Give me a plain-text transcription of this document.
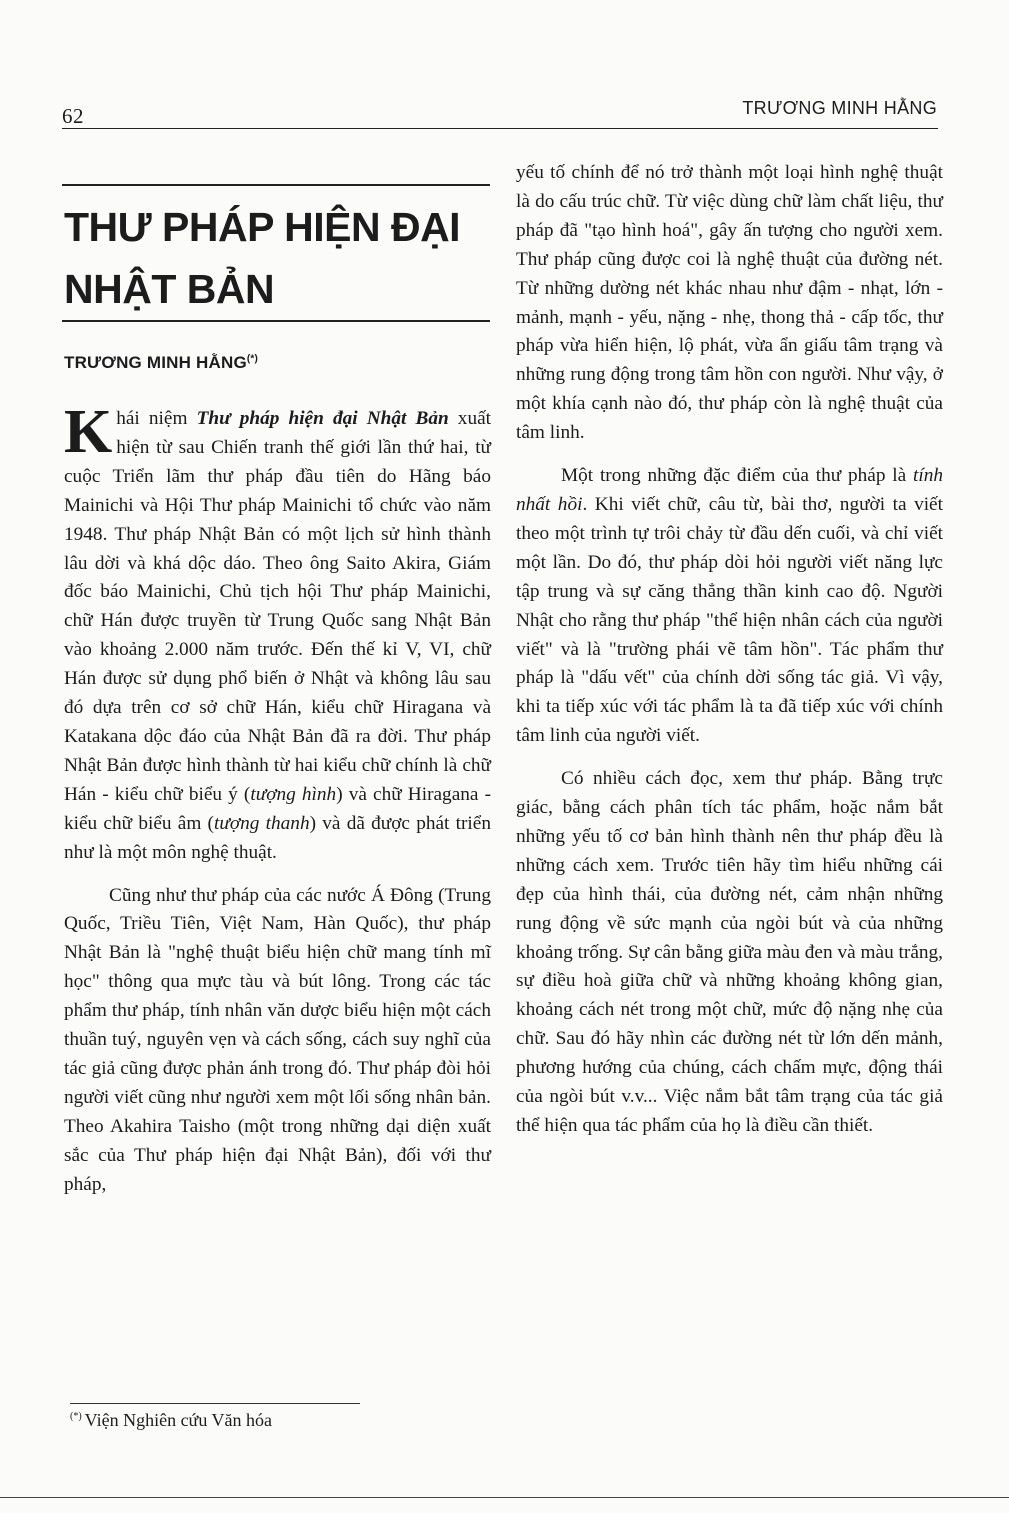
62	TRƯƠNG MINH HẰNG
THƯ PHÁP HIỆN ĐẠI
NHẬT BẢN
TRƯƠNG MINH HẰNG(*)

Khái niệm Thư pháp hiện đại Nhật Bản xuất hiện từ sau Chiến tranh thế giới lần thứ hai, từ cuộc Triển lãm thư pháp đầu tiên do Hãng báo Mainichi và Hội Thư pháp Mainichi tổ chức vào năm 1948. Thư pháp Nhật Bản có một lịch sử hình thành lâu dời và khá dộc dáo. Theo ông Saito Akira, Giám đốc báo Mainichi, Chủ tịch hội Thư pháp Mainichi, chữ Hán được truyền từ Trung Quốc sang Nhật Bản vào khoảng 2.000 năm trước. Đến thế kỉ V, VI, chữ Hán được sử dụng phổ biến ở Nhật và không lâu sau đó dựa trên cơ sở chữ Hán, kiểu chữ Hiragana và Katakana dộc đáo của Nhật Bản đã ra đời. Thư pháp Nhật Bản được hình thành từ hai kiểu chữ chính là chữ Hán - kiểu chữ biểu ý (tượng hình) và chữ Hiragana - kiểu chữ biểu âm (tượng thanh) và dã được phát triển như là một môn nghệ thuật.

Cũng như thư pháp của các nước Á Đông (Trung Quốc, Triều Tiên, Việt Nam, Hàn Quốc), thư pháp Nhật Bản là "nghệ thuật biểu hiện chữ mang tính mĩ học" thông qua mực tàu và bút lông. Trong các tác phẩm thư pháp, tính nhân văn dược biểu hiện một cách thuần tuý, nguyên vẹn và cách sống, cách suy nghĩ của tác giả cũng được phản ánh trong đó. Thư pháp đòi hỏi người viết cũng như người xem một lối sống nhân bản. Theo Akahira Taisho (một trong những dại diện xuất sắc của Thư pháp hiện đại Nhật Bản), đối với thư pháp,

yếu tố chính để nó trở thành một loại hình nghệ thuật là do cấu trúc chữ. Từ việc dùng chữ làm chất liệu, thư pháp đã "tạo hình hoá", gây ấn tượng cho người xem. Thư pháp cũng được coi là nghệ thuật của đường nét. Từ những dường nét khác nhau như đậm - nhạt, lớn - mảnh, mạnh - yếu, nặng - nhẹ, thong thả - cấp tốc, thư pháp vừa hiển hiện, lộ phát, vừa ẩn giấu tâm trạng và những rung động trong tâm hồn con người. Như vậy, ở một khía cạnh nào đó, thư pháp còn là nghệ thuật của tâm linh.

Một trong những đặc điểm của thư pháp là tính nhất hồi. Khi viết chữ, câu từ, bài thơ, người ta viết theo một trình tự trôi chảy từ đầu dến cuối, và chỉ viết một lần. Do đó, thư pháp dòi hỏi người viết năng lực tập trung và sự căng thẳng thần kinh cao độ. Người Nhật cho rằng thư pháp "thể hiện nhân cách của người viết" và là "trường phái vẽ tâm hồn". Tác phẩm thư pháp là "dấu vết" của chính dời sống tác giả. Vì vậy, khi ta tiếp xúc với tác phẩm là ta đã tiếp xúc với chính tâm linh của người viết.

Có nhiều cách đọc, xem thư pháp. Bằng trực giác, bằng cách phân tích tác phẩm, hoặc nắm bắt những yếu tố cơ bản hình thành nên thư pháp đều là những cách xem. Trước tiên hãy tìm hiểu những cái đẹp của hình thái, của đường nét, cảm nhận những rung động về sức mạnh của ngòi bút và của những khoảng trống. Sự cân bằng giữa màu đen và màu trắng, sự điều hoà giữa chữ và những khoảng không gian, khoảng cách nét trong một chữ, mức độ nặng nhẹ của chữ. Sau đó hãy nhìn các đường nét từ lớn dến mảnh, phương hướng của chúng, cách chấm mực, động thái của ngòi bút v.v... Việc nắm bắt tâm trạng của tác giả thể hiện qua tác phẩm của họ là điều cần thiết.

(*) Viện Nghiên cứu Văn hóa
